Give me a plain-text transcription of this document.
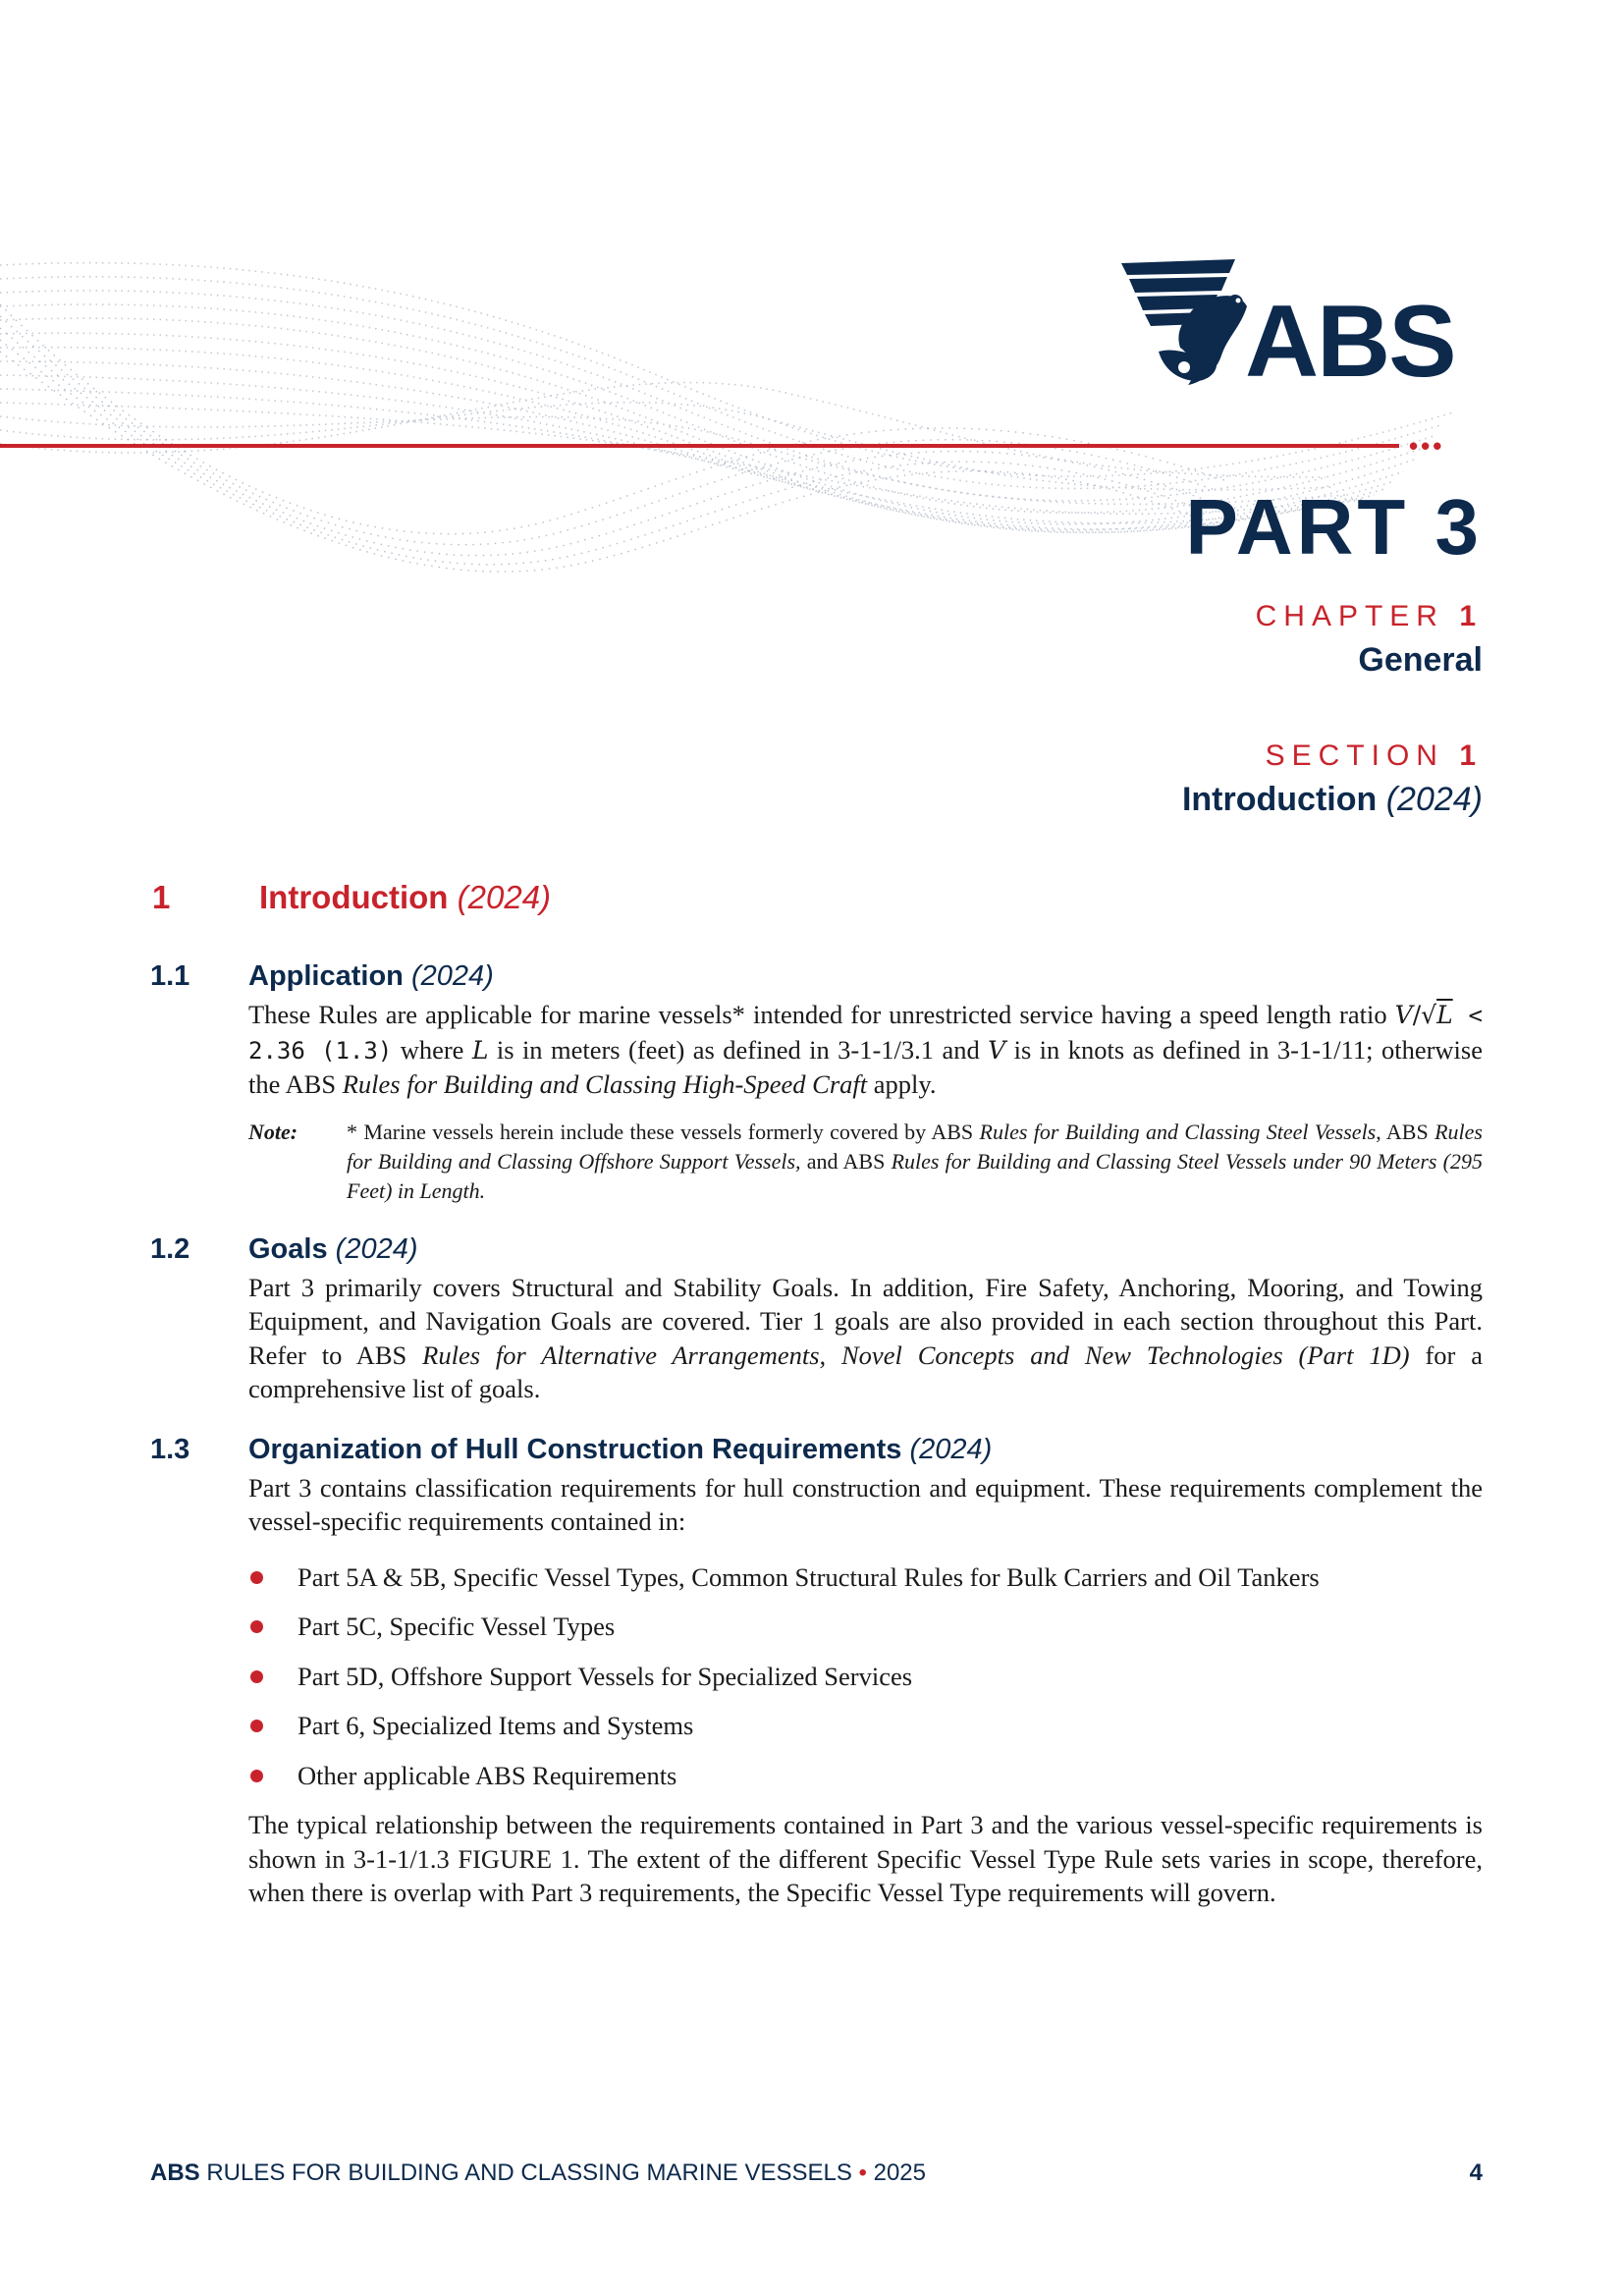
•••
ABS
PART 3
CHAPTER 1
General
SECTION 1
Introduction (2024)
1	Introduction (2024)
1.1 Application (2024)
These Rules are applicable for marine vessels* intended for unrestricted service having a speed length ratio V/√L < 2.36 (1.3) where L is in meters (feet) as defined in 3-1-1/3.1 and V is in knots as defined in 3-1-1/11; otherwise the ABS Rules for Building and Classing High-Speed Craft apply.
Note: * Marine vessels herein include these vessels formerly covered by ABS Rules for Building and Classing Steel Vessels, ABS Rules for Building and Classing Offshore Support Vessels, and ABS Rules for Building and Classing Steel Vessels under 90 Meters (295 Feet) in Length.
1.2 Goals (2024)
Part 3 primarily covers Structural and Stability Goals. In addition, Fire Safety, Anchoring, Mooring, and Towing Equipment, and Navigation Goals are covered. Tier 1 goals are also provided in each section throughout this Part. Refer to ABS Rules for Alternative Arrangements, Novel Concepts and New Technologies (Part 1D) for a comprehensive list of goals.
1.3 Organization of Hull Construction Requirements (2024)
Part 3 contains classification requirements for hull construction and equipment. These requirements complement the vessel-specific requirements contained in:
Part 5A & 5B, Specific Vessel Types, Common Structural Rules for Bulk Carriers and Oil Tankers
Part 5C, Specific Vessel Types
Part 5D, Offshore Support Vessels for Specialized Services
Part 6, Specialized Items and Systems
Other applicable ABS Requirements
The typical relationship between the requirements contained in Part 3 and the various vessel-specific requirements is shown in 3-1-1/1.3 FIGURE 1. The extent of the different Specific Vessel Type Rule sets varies in scope, therefore, when there is overlap with Part 3 requirements, the Specific Vessel Type requirements will govern.
ABS RULES FOR BUILDING AND CLASSING MARINE VESSELS • 2025	4
